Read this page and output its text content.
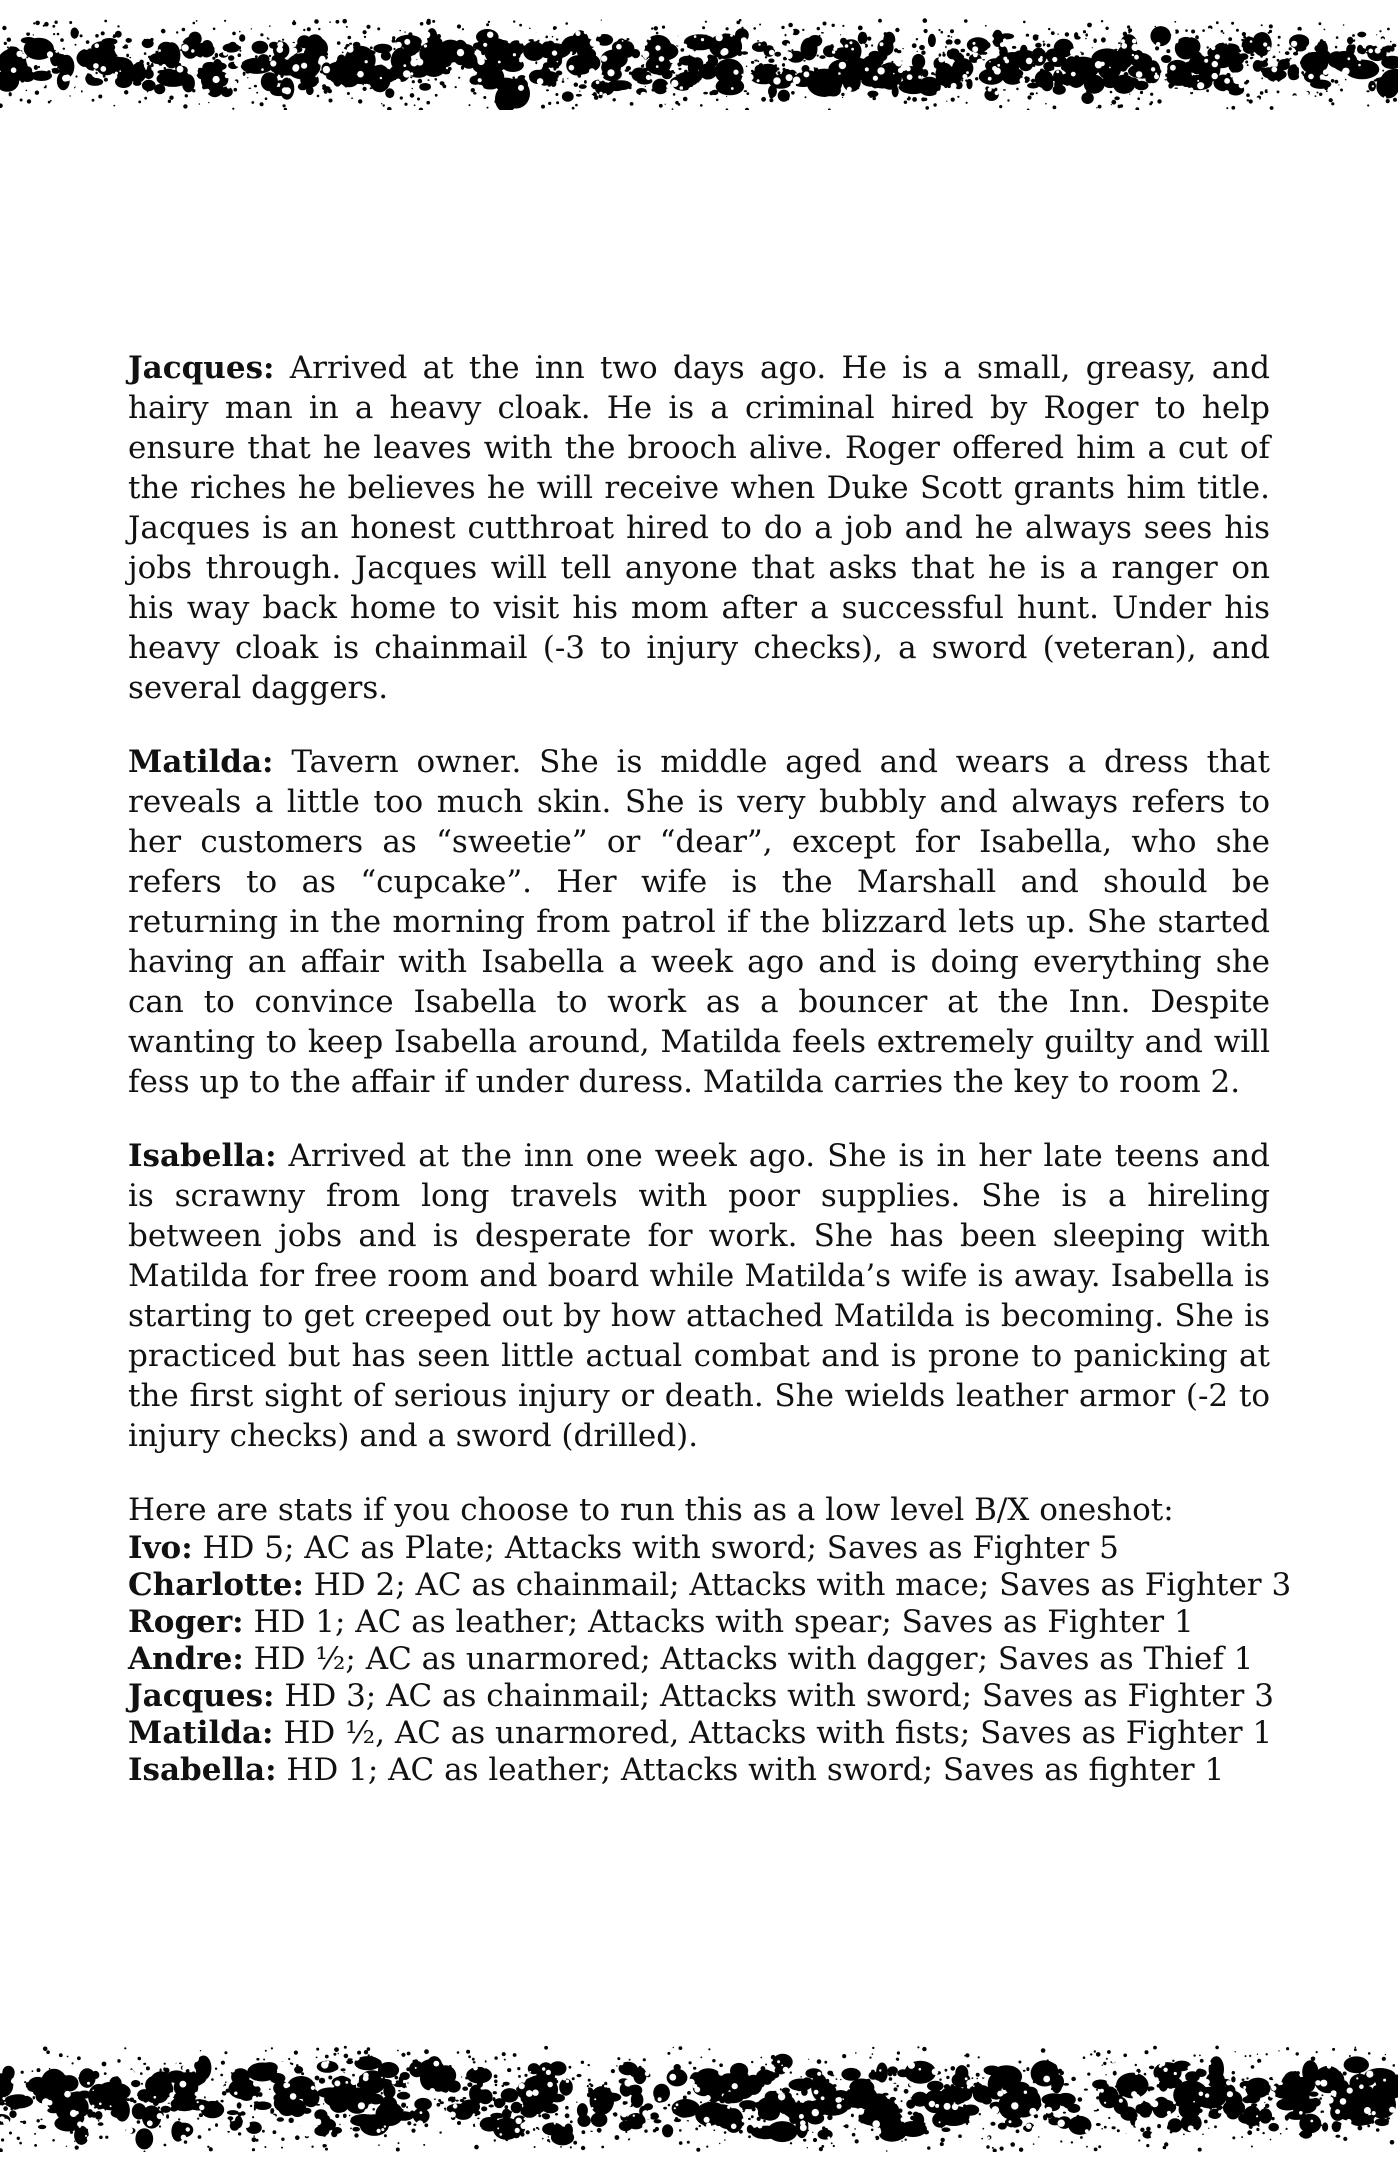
Jacques: Arrived at the inn two days ago. He is a small, greasy, and hairy man in a heavy cloak. He is a criminal hired by Roger to help ensure that he leaves with the brooch alive. Roger offered him a cut of the riches he believes he will receive when Duke Scott grants him title. Jacques is an honest cutthroat hired to do a job and he always sees his jobs through. Jacques will tell anyone that asks that he is a ranger on his way back home to visit his mom after a successful hunt. Under his heavy cloak is chainmail (-3 to injury checks), a sword (veteran), and several daggers.

Matilda: Tavern owner. She is middle aged and wears a dress that reveals a little too much skin. She is very bubbly and always refers to her customers as “sweetie” or “dear”, except for Isabella, who she refers to as “cupcake”. Her wife is the Marshall and should be returning in the morning from patrol if the blizzard lets up. She started having an affair with Isabella a week ago and is doing everything she can to convince Isabella to work as a bouncer at the Inn. Despite wanting to keep Isabella around, Matilda feels extremely guilty and will fess up to the affair if under duress. Matilda carries the key to room 2.

Isabella: Arrived at the inn one week ago. She is in her late teens and is scrawny from long travels with poor supplies. She is a hireling between jobs and is desperate for work. She has been sleeping with Matilda for free room and board while Matilda’s wife is away. Isabella is starting to get creeped out by how attached Matilda is becoming. She is practiced but has seen little actual combat and is prone to panicking at the first sight of serious injury or death. She wields leather armor (-2 to injury checks) and a sword (drilled).

Here are stats if you choose to run this as a low level B/X oneshot:

Ivo: HD 5; AC as Plate; Attacks with sword; Saves as Fighter 5

Charlotte: HD 2; AC as chainmail; Attacks with mace; Saves as Fighter 3

Roger: HD 1; AC as leather; Attacks with spear; Saves as Fighter 1

Andre: HD ½; AC as unarmored; Attacks with dagger; Saves as Thief 1

Jacques: HD 3; AC as chainmail; Attacks with sword; Saves as Fighter 3

Matilda: HD ½, AC as unarmored, Attacks with fists; Saves as Fighter 1

Isabella: HD 1; AC as leather; Attacks with sword; Saves as fighter 1
